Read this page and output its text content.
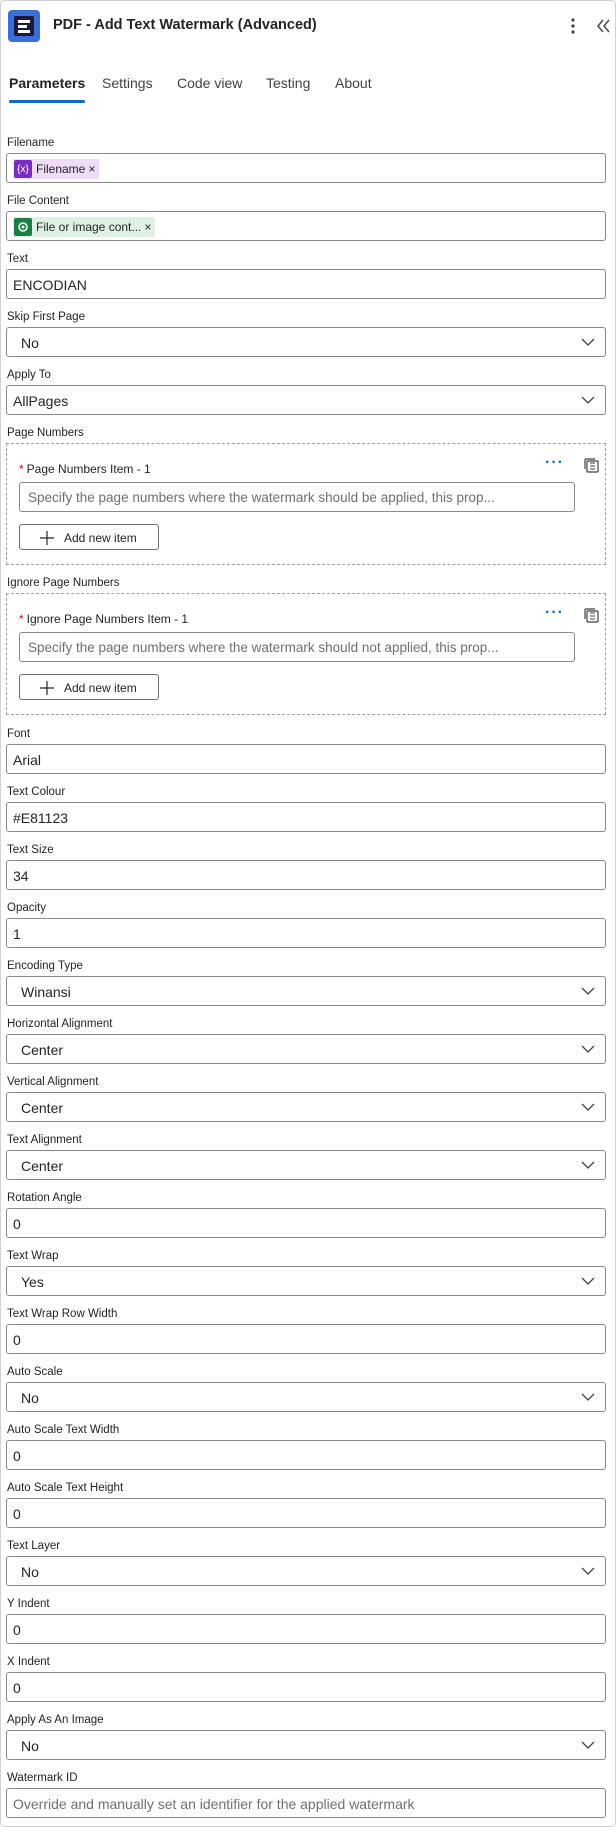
PDF - Add Text Watermark (Advanced)
Parameters Settings Code view Testing About
Filename
{x} Filename ×
File Content
File or image cont... ×
Text
ENCODIAN
Skip First Page
No
Apply To
AllPages
Page Numbers
* Page Numbers Item - 1	···
Specify the page numbers where the watermark should be applied, this prop...
Add new item
Ignore Page Numbers
* Ignore Page Numbers Item - 1	···
Specify the page numbers where the watermark should not applied, this prop...
Add new item
Font
Arial
Text Colour
#E81123
Text Size
34
Opacity
1
Encoding Type
Winansi
Horizontal Alignment
Center
Vertical Alignment
Center
Text Alignment
Center
Rotation Angle
0
Text Wrap
Yes
Text Wrap Row Width
0
Auto Scale
No
Auto Scale Text Width
0
Auto Scale Text Height
0
Text Layer
No
Y Indent
0
X Indent
0
Apply As An Image
No
Watermark ID
Override and manually set an identifier for the applied watermark
